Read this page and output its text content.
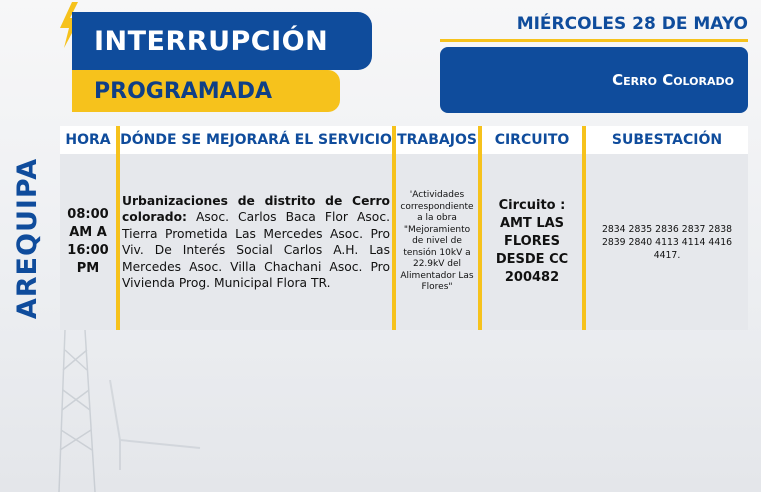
INTERRUPCIÓN
PROGRAMADA
MIÉRCOLES 28 DE MAYO
Cerro Colorado
AREQUIPA
HORA DÓNDE SE MEJORARÁ EL SERVICIO TRABAJOS	CIRCUITO	SUBESTACIÓN
08:00 AM A 16:00 PM
Urbanizaciones de distrito de Cerro colorado: Asoc. Carlos Baca Flor Asoc. Tierra Prometida Las Mercedes Asoc. Pro Viv. De Interés Social Carlos A.H. Las Mercedes Asoc. Villa Chachani Asoc. Pro Vivienda Prog. Municipal Flora TR.
'Actividades correspondiente a la obra "Mejoramiento de nivel de tensión 10kV a 22.9kV del Alimentador Las Flores"
Circuito : AMT LAS FLORES DESDE CC 200482
2834 2835 2836 2837 2838 2839 2840 4113 4114 4416 4417.
